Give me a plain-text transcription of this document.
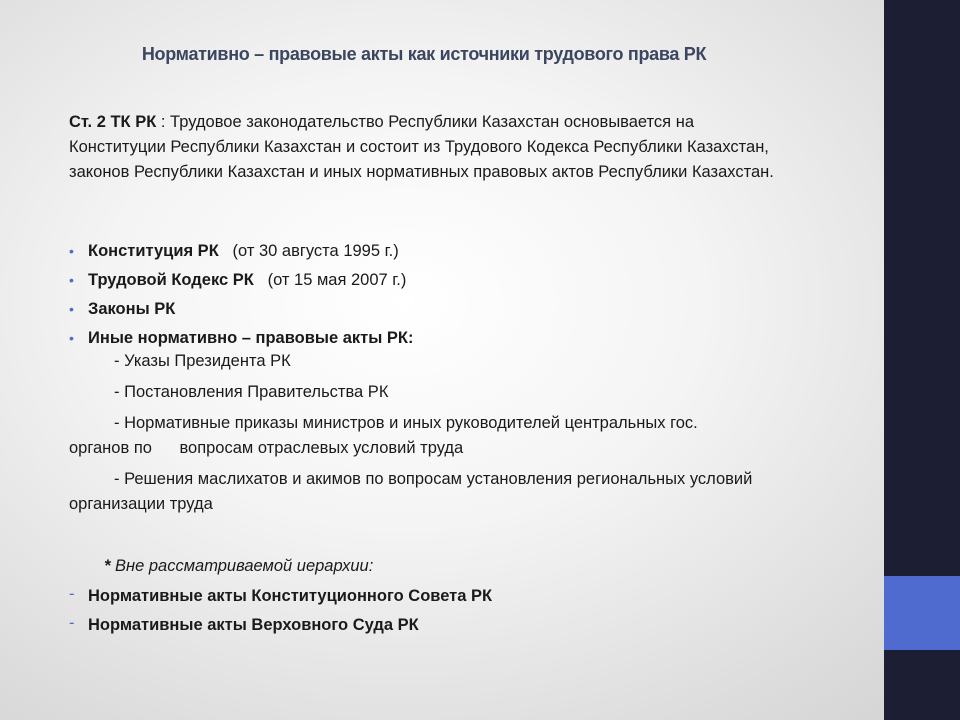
Нормативно – правовые акты как источники трудового права РК

Ст. 2 ТК РК : Трудовое законодательство Республики Казахстан основывается на Конституции Республики Казахстан и состоит из Трудового Кодекса Республики Казахстан, законов Республики Казахстан и иных нормативных правовых актов Республики Казахстан.

• Конституция РК   (от 30 августа 1995 г.)
• Трудовой Кодекс РК   (от 15 мая 2007 г.)
• Законы РК
• Иные нормативно – правовые акты РК:

- Указы Президента РК

- Постановления Правительства РК

- Нормативные приказы министров и иных руководителей центральных гос.

органов по      вопросам отраслевых условий труда

- Решения маслихатов и акимов по вопросам установления региональных условий

организации труда

* Вне рассматриваемой иерархии:
- Нормативные акты Конституционного Совета РК
- Нормативные акты Верховного Суда РК
